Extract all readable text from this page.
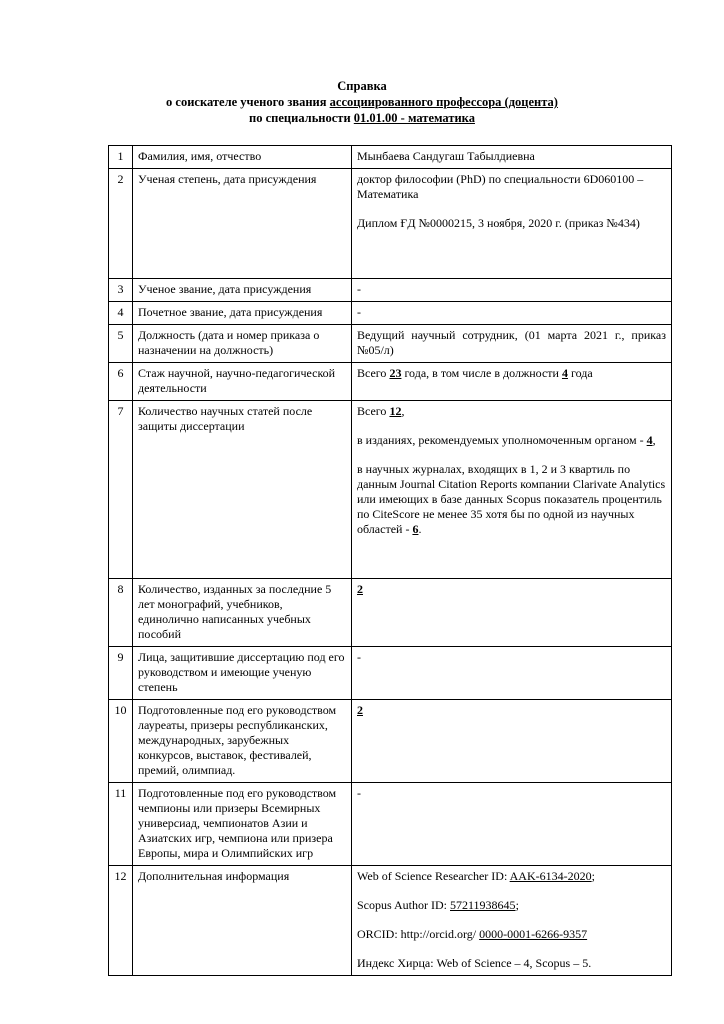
Справка
о соискателе ученого звания ассоциированного профессора (доцента)
по специальности 01.01.00 - математика
1	Фамилия, имя, отчество	Мынбаева Сандугаш Табылдиевна
2	Ученая степень, дата присуждения	доктор философии (PhD) по специальности 6D060100 – Математика
Диплом ҒД №0000215, 3 ноября, 2020 г. (приказ №434)

3	Ученое звание, дата присуждения	-
4	Почетное звание, дата присуждения	-
5	Должность (дата и номер приказа о назначении на должность)	Ведущий научный сотрудник, (01 марта 2021 г., приказ №05/л)
6	Стаж научной, научно-педагогической деятельности	Всего 23 года, в том числе в должности 4 года
7	Количество научных статей после защиты диссертации	Всего 12,
в изданиях, рекомендуемых уполномоченным органом - 4,
в научных журналах, входящих в 1, 2 и 3 квартиль по данным Journal Citation Reports компании Clarivate Analytics или имеющих в базе данных Scopus показатель процентиль по CiteScore не менее 35 хотя бы по одной из научных областей - 6.

8	Количество, изданных за последние 5 лет монографий, учебников, единолично написанных учебных пособий	2
9	Лица, защитившие диссертацию под его руководством и имеющие ученую степень	-
10	Подготовленные под его руководством лауреаты, призеры республиканских, международных, зарубежных конкурсов, выставок, фестивалей, премий, олимпиад.	2
11	Подготовленные под его руководством чемпионы или призеры Всемирных универсиад, чемпионатов Азии и Азиатских игр, чемпиона или призера Европы, мира и Олимпийских игр	-
12	Дополнительная информация	Web of Science Researcher ID: AAK-6134-2020;
Scopus Author ID: 57211938645;
ORCID: http://orcid.org/ 0000-0001-6266-9357
Индекс Хирца: Web of Science – 4, Scopus – 5.
